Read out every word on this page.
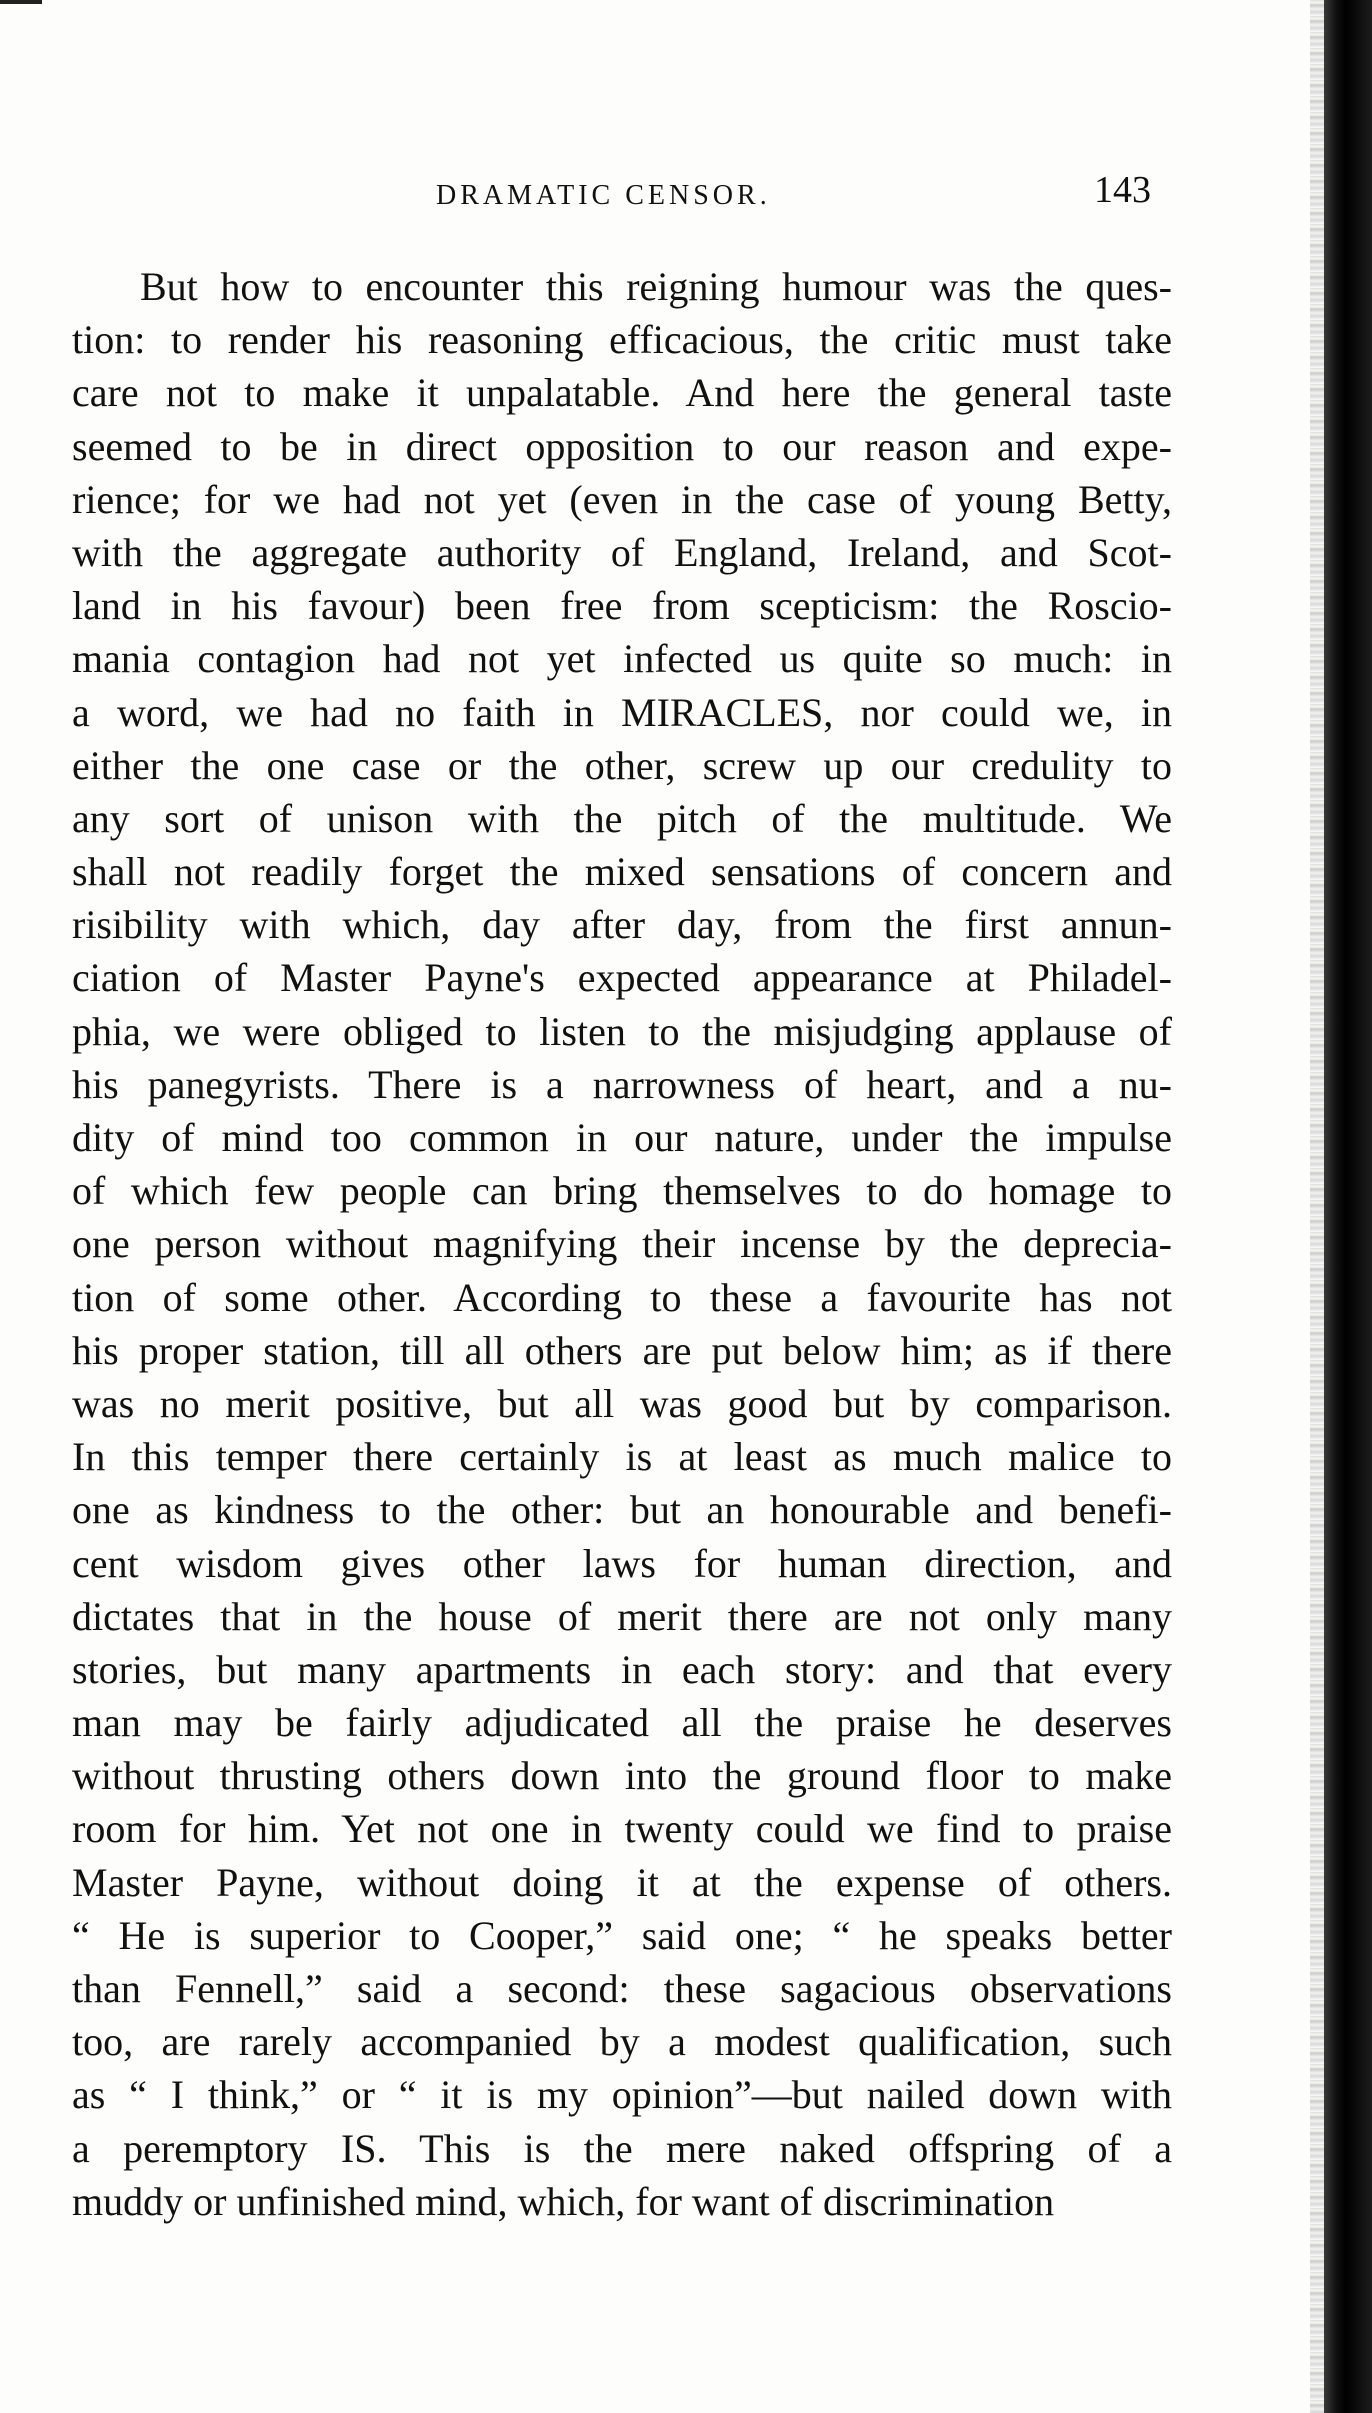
DRAMATIC CENSOR.	143
But how to encounter this reigning humour was the ques-
tion: to render his reasoning efficacious, the critic must take
care not to make it unpalatable. And here the general taste
seemed to be in direct opposition to our reason and expe-
rience; for we had not yet (even in the case of young Betty,
with the aggregate authority of England, Ireland, and Scot-
land in his favour) been free from scepticism: the Roscio-
mania contagion had not yet infected us quite so much: in
a word, we had no faith in MIRACLES, nor could we, in
either the one case or the other, screw up our credulity to
any sort of unison with the pitch of the multitude. We
shall not readily forget the mixed sensations of concern and
risibility with which, day after day, from the first annun-
ciation of Master Payne's expected appearance at Philadel-
phia, we were obliged to listen to the misjudging applause of
his panegyrists. There is a narrowness of heart, and a nu-
dity of mind too common in our nature, under the impulse
of which few people can bring themselves to do homage to
one person without magnifying their incense by the deprecia-
tion of some other. According to these a favourite has not
his proper station, till all others are put below him; as if there
was no merit positive, but all was good but by comparison.
In this temper there certainly is at least as much malice to
one as kindness to the other: but an honourable and benefi-
cent wisdom gives other laws for human direction, and
dictates that in the house of merit there are not only many
stories, but many apartments in each story: and that every
man may be fairly adjudicated all the praise he deserves
without thrusting others down into the ground floor to make
room for him. Yet not one in twenty could we find to praise
Master Payne, without doing it at the expense of others.
“ He is superior to Cooper,” said one; “ he speaks better
than Fennell,” said a second: these sagacious observations
too, are rarely accompanied by a modest qualification, such
as “ I think,” or “ it is my opinion”—but nailed down with
a peremptory IS. This is the mere naked offspring of a
muddy or unfinished mind, which, for want of discrimination
